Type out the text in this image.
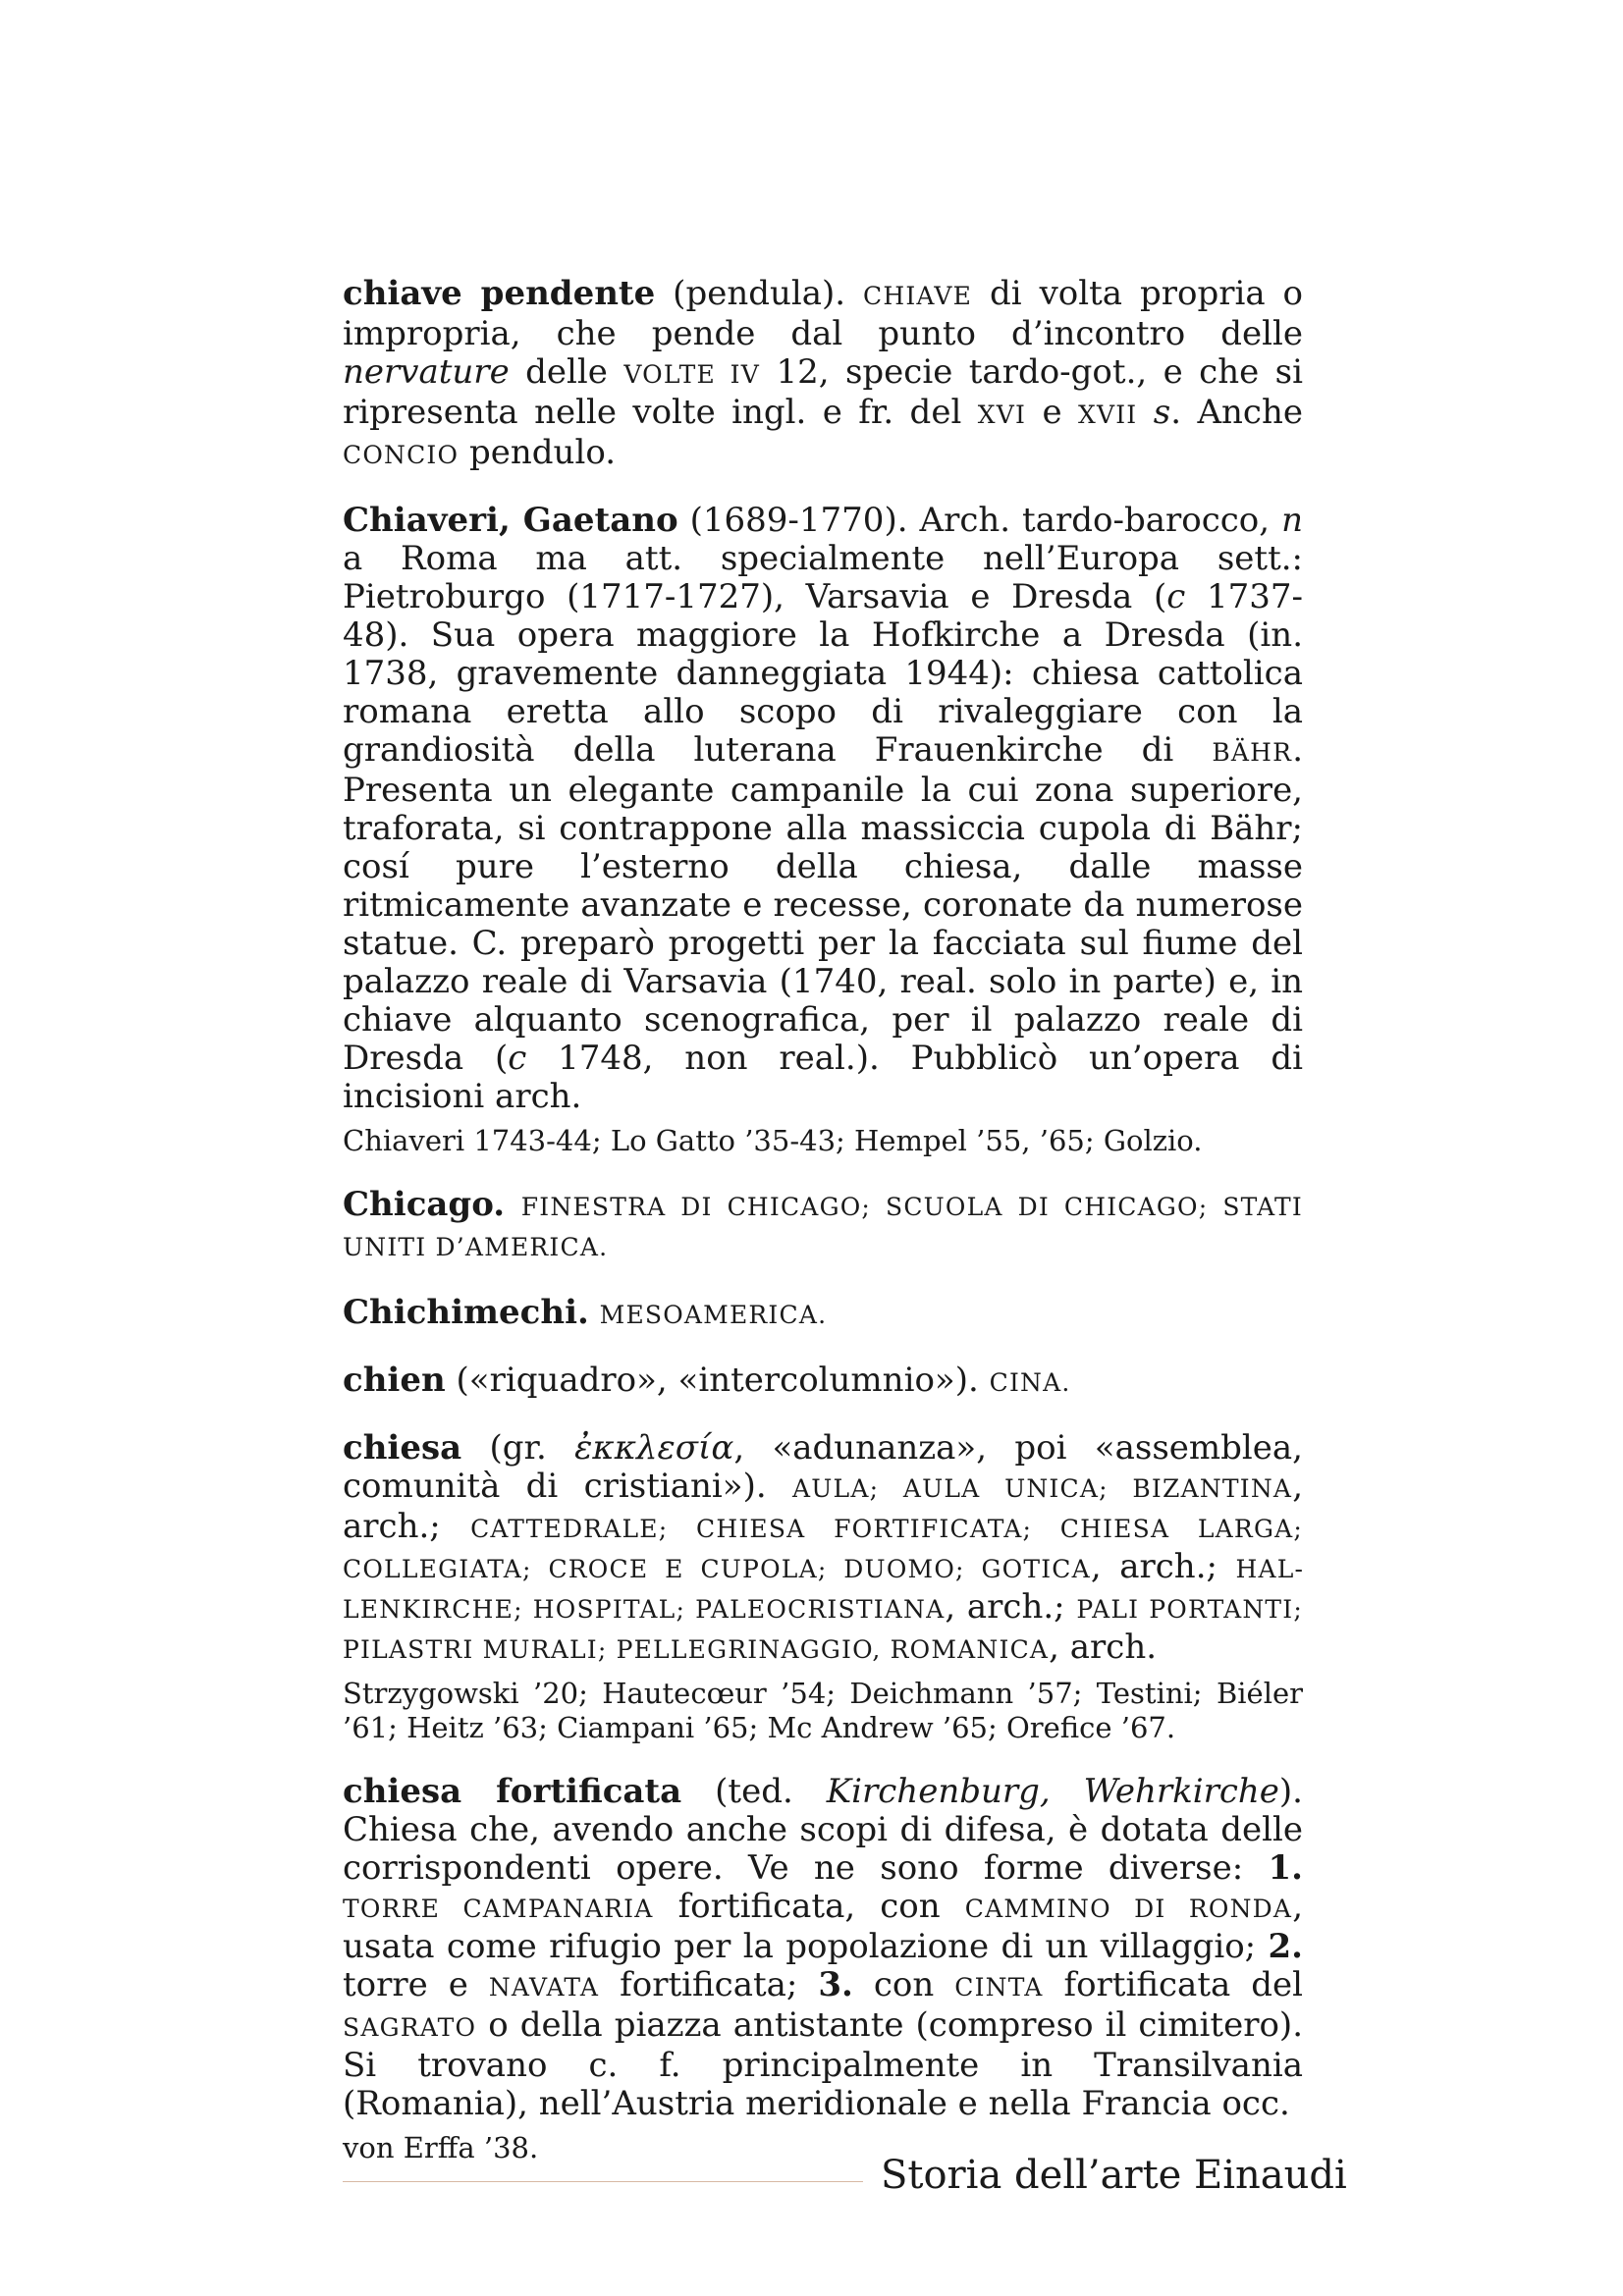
chiave pendente (pendula). CHIAVE di volta propria o impropria, che pende dal punto d’incontro delle nervature delle VOLTE IV 12, specie tardo-got., e che si ripresenta nelle volte ingl. e fr. del XVI e XVII s. Anche CONCIO pendulo.

Chiaveri, Gaetano (1689-1770). Arch. tardo-barocco, n a Roma ma att. specialmente nell’Europa sett.: Pietroburgo (1717-1727), Varsavia e Dresda (c 1737-48). Sua opera maggiore la Hofkirche a Dresda (in. 1738, gravemente danneggiata 1944): chiesa cattolica romana eretta allo scopo di rivaleggiare con la grandiosità della luterana Frauenkirche di BÄHR. Presenta un elegante campanile la cui zona superiore, traforata, si contrappone alla massiccia cupola di Bähr; cosí pure l’esterno della chiesa, dalle masse ritmicamente avanzate e recesse, coronate da numerose statue. C. preparò progetti per la facciata sul fiume del palazzo reale di Varsavia (1740, real. solo in parte) e, in chiave alquanto scenografica, per il palazzo reale di Dresda (c 1748, non real.). Pubblicò un’opera di incisioni arch.

Chiaveri 1743-44; Lo Gatto ’35-43; Hempel ’55, ’65; Golzio.

Chicago. FINESTRA DI CHICAGO; SCUOLA DI CHICAGO; STATI UNITI D’AMERICA.

Chichimechi. MESOAMERICA.

chien («riquadro», «intercolumnio»). CINA.

chiesa (gr. ἐκκλεσία, «adunanza», poi «assemblea, comunità di cristiani»). AULA; AULA UNICA; BIZANTINA, arch.; CATTEDRALE; CHIESA FORTIFICATA; CHIESA LARGA; COLLEGIATA; CROCE E CUPOLA; DUOMO; GOTICA, arch.; HALLENKIRCHE; HOSPITAL; PALEOCRISTIANA, arch.; PALI PORTANTI; PILASTRI MURALI; PELLEGRINAGGIO, ROMANICA, arch.

Strzygowski ’20; Hautecœur ’54; Deichmann ’57; Testini; Biéler ’61; Heitz ’63; Ciampani ’65; Mc Andrew ’65; Orefice ’67.

chiesa fortificata (ted. Kirchenburg, Wehrkirche). Chiesa che, avendo anche scopi di difesa, è dotata delle corrispondenti opere. Ve ne sono forme diverse: 1. TORRE CAMPANARIA fortificata, con CAMMINO DI RONDA, usata come rifugio per la popolazione di un villaggio; 2. torre e NAVATA fortificata; 3. con CINTA fortificata del SAGRATO o della piazza antistante (compreso il cimitero). Si trovano c. f. principalmente in Transilvania (Romania), nell’Austria meridionale e nella Francia occ.

von Erffa ’38.
Storia dell’arte Einaudi
